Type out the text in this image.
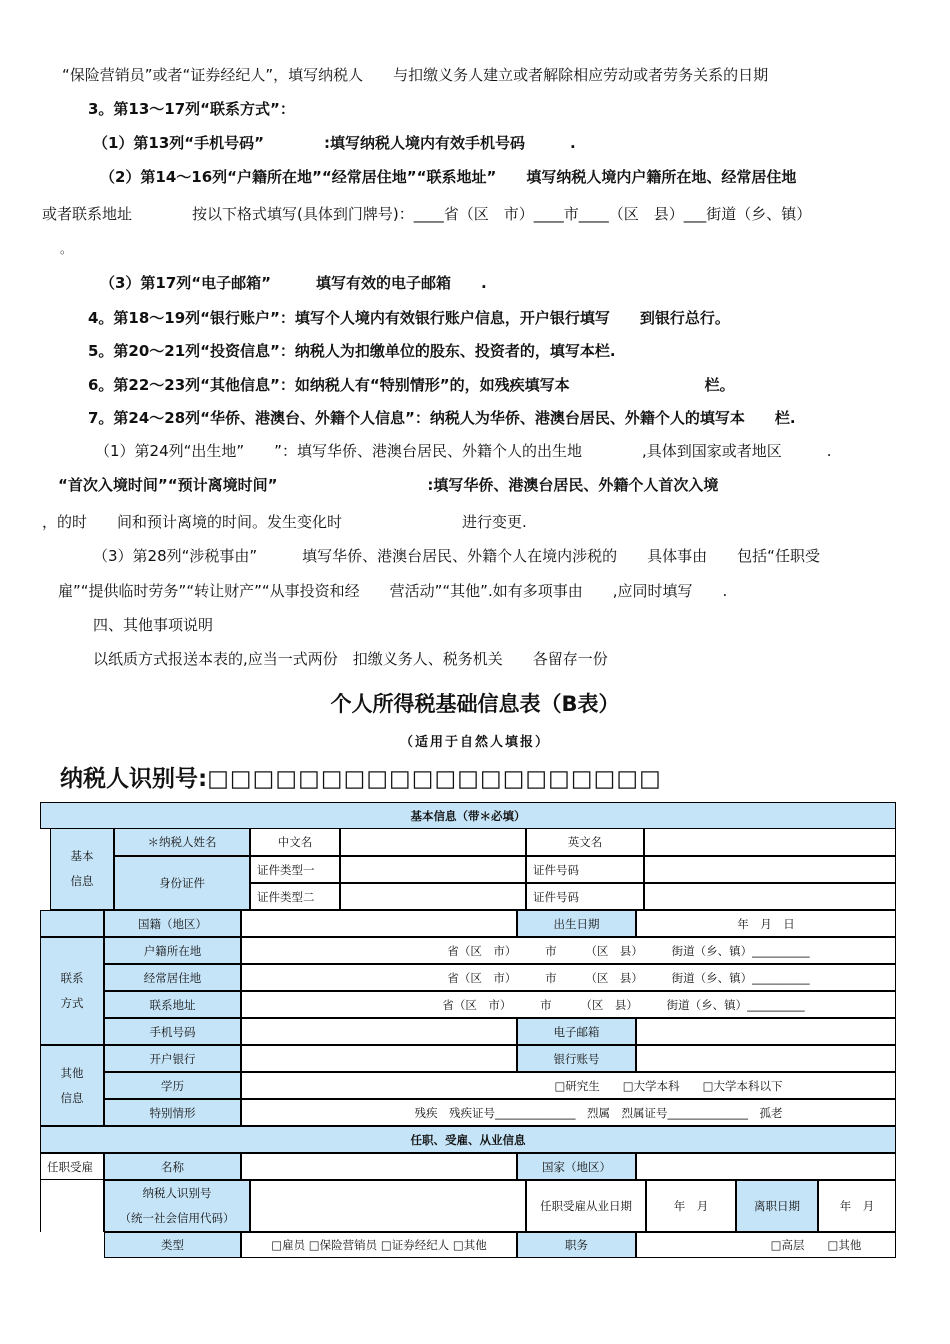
“保险营销员”或者“证券经纪人”，填写纳税人　　与扣缴义务人建立或者解除相应劳动或者劳务关系的日期
3。第13～17列“联系方式”：
（1）第13列“手机号码”　　　　:填写纳税人境内有效手机号码　　　.
（2）第14～16列“户籍所在地”“经常居住地”“联系地址”　　填写纳税人境内户籍所在地、经常居住地
或者联系地址　　　　按以下格式填写(具体到门牌号)：____省（区　市）____市____（区　县）___街道（乡、镇）
。
（3）第17列“电子邮箱”　　　填写有效的电子邮箱　　.
4。第18～19列“银行账户”：填写个人境内有效银行账户信息，开户银行填写　　到银行总行。
5。第20～21列“投资信息”：纳税人为扣缴单位的股东、投资者的，填写本栏.
6。第22～23列“其他信息”：如纳税人有“特别情形”的，如残疾填写本　　　　　　　　　栏。
7。第24～28列“华侨、港澳台、外籍个人信息”：纳税人为华侨、港澳台居民、外籍个人的填写本　　栏.
（1）第24列“出生地”　　”：填写华侨、港澳台居民、外籍个人的出生地　　　　,具体到国家或者地区　　　.
“首次入境时间”“预计离境时间”　　　　　　　　　　:填写华侨、港澳台居民、外籍个人首次入境
，的时　　间和预计离境的时间。发生变化时　　　　　　　　进行变更.
（3）第28列“涉税事由”　　　填写华侨、港澳台居民、外籍个人在境内涉税的　　具体事由　　包括“任职受
雇”“提供临时劳务”“转让财产”“从事投资和经　　营活动”“其他”.如有多项事由　　,应同时填写　　.
四、其他事项说明
以纸质方式报送本表的,应当一式两份　扣缴义务人、税务机关　　各留存一份
个人所得税基础信息表（B表）
（适用于自然人填报）
纳税人识别号:□□□□□□□□□□□□□□□□□□□□
基本信息（带＊必填）
基本信息
＊纳税人姓名	中文名	英文名
身份证件
证件类型一	证件号码
证件类型二	证件号码
国籍（地区）	出生日期	年　月　日
联系方式
户籍所在地	省（区　市）　　　市　　　（区　县）　　　街道（乡、镇）__________
经常居住地	省（区　市）　　　市　　　（区　县）　　　街道（乡、镇）__________
联系地址	省（区　市）　　　市　　　（区　县）　　　街道（乡、镇）__________
手机号码	电子邮箱
其他信息
开户银行	银行账号
学历	□研究生　　□大学本科　　□大学本科以下
特别情形	残疾　残疾证号______________　烈属　烈属证号______________　孤老
任职、受雇、从业信息
任职受雇	名称	国家（地区）
纳税人识别号
（统一社会信用代码）
任职受雇从业日期	年　月	离职日期	年　月
类型	□雇员 □保险营销员 □证券经纪人 □其他	职务	□高层　　□其他
